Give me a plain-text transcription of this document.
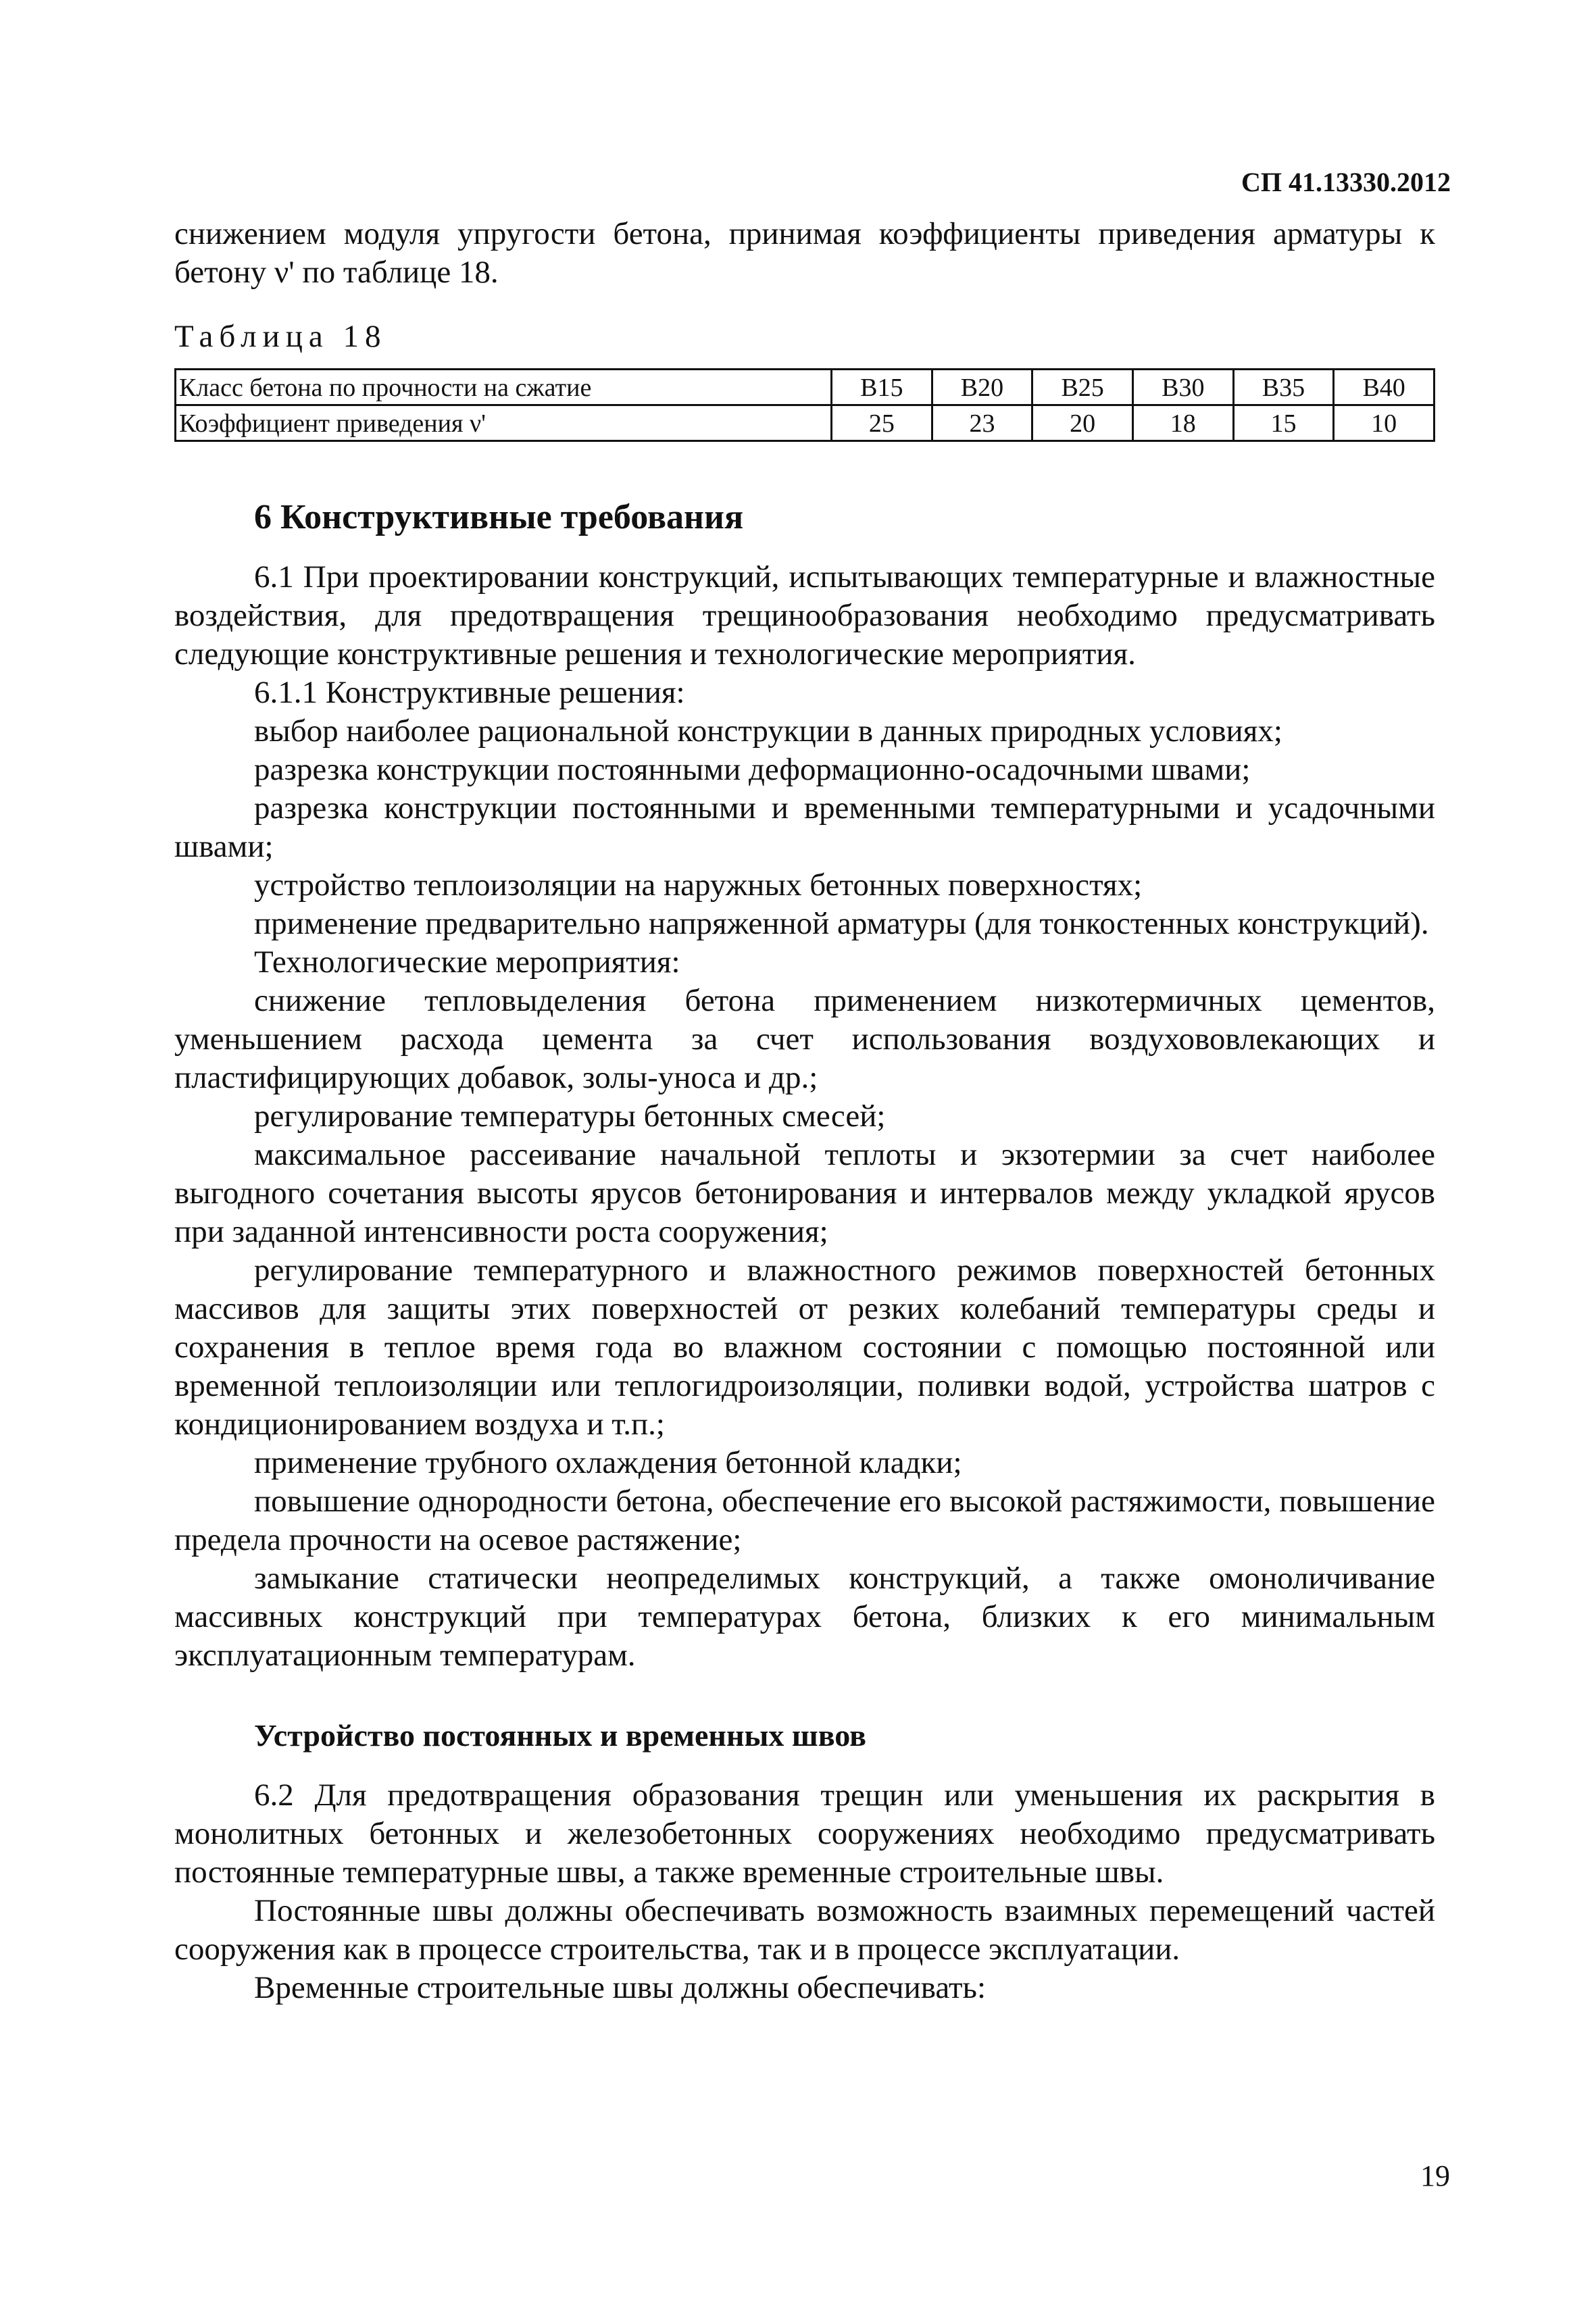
СП 41.13330.2012

снижением модуля упругости бетона, принимая коэффициенты приведения арматуры к бетону ν' по таблице 18.

Таблица 18
Класс бетона по прочности на сжатие	В15	В20	В25	В30	В35	В40
Коэффициент приведения ν'	25	23	20	18	15	10
6 Конструктивные требования

6.1 При проектировании конструкций, испытывающих температурные и влажностные воздействия, для предотвращения трещинообразования необходимо предусматривать следующие конструктивные решения и технологические мероприятия.

6.1.1 Конструктивные решения:

выбор наиболее рациональной конструкции в данных природных условиях;

разрезка конструкции постоянными деформационно-осадочными швами;

разрезка конструкции постоянными и временными температурными и усадочными швами;

устройство теплоизоляции на наружных бетонных поверхностях;

применение предварительно напряженной арматуры (для тонкостенных конструкций).

Технологические мероприятия:

снижение тепловыделения бетона применением низкотермичных цементов, уменьшением расхода цемента за счет использования воздухововлекающих и пластифицирующих добавок, золы-уноса и др.;

регулирование температуры бетонных смесей;

максимальное рассеивание начальной теплоты и экзотермии за счет наиболее выгодного сочетания высоты ярусов бетонирования и интервалов между укладкой ярусов при заданной интенсивности роста сооружения;

регулирование температурного и влажностного режимов поверхностей бетонных массивов для защиты этих поверхностей от резких колебаний температуры среды и сохранения в теплое время года во влажном состоянии с помощью постоянной или временной теплоизоляции или теплогидроизоляции, поливки водой, устройства шатров с кондиционированием воздуха и т.п.;

применение трубного охлаждения бетонной кладки;

повышение однородности бетона, обеспечение его высокой растяжимости, повышение предела прочности на осевое растяжение;

замыкание статически неопределимых конструкций, а также омоноличивание массивных конструкций при температурах бетона, близких к его минимальным эксплуатационным температурам.

Устройство постоянных и временных швов

6.2 Для предотвращения образования трещин или уменьшения их раскрытия в монолитных бетонных и железобетонных сооружениях необходимо предусматривать постоянные температурные швы, а также временные строительные швы.

Постоянные швы должны обеспечивать возможность взаимных перемещений частей сооружения как в процессе строительства, так и в процессе эксплуатации.

Временные строительные швы должны обеспечивать:

19
